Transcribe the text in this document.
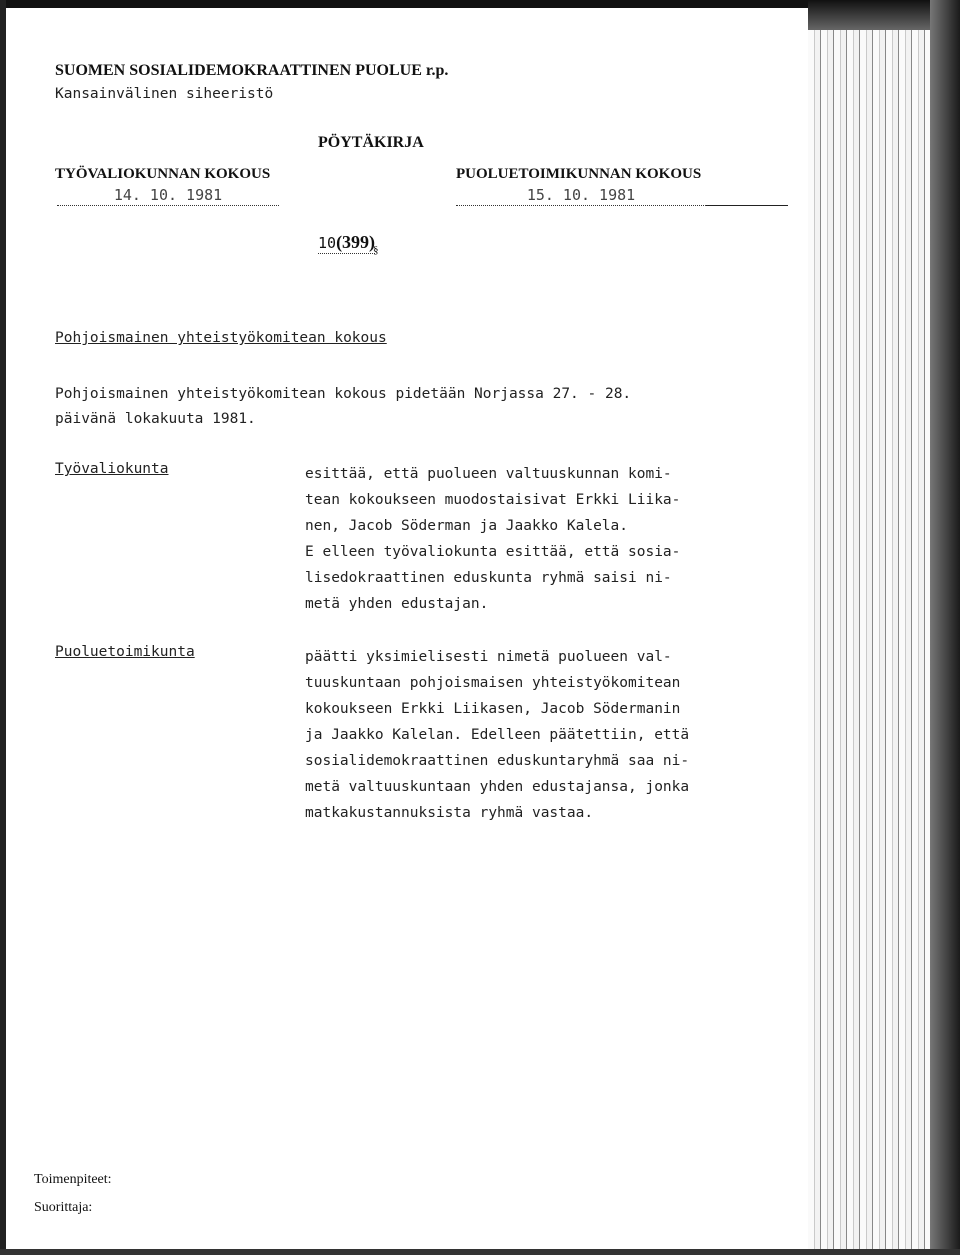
SUOMEN SOSIALIDEMOKRAATTINEN PUOLUE r.p.
Kansainvälinen siheeristö
PÖYTÄKIRJA
TYÖVALIOKUNNAN KOKOUS	PUOLUETOIMIKUNNAN KOKOUS
14. 10. 1981	15. 10. 1981
10(399)
§
Pohjoismainen yhteistyökomitean kokous
Pohjoismainen yhteistyökomitean kokous pidetään Norjassa 27. - 28.
päivänä lokakuuta 1981.
Työvaliokunta	esittää, että puolueen valtuuskunnan komi-
tean kokoukseen muodostaisivat Erkki Liika-
nen, Jacob Söderman ja Jaakko Kalela.
E elleen työvaliokunta esittää, että sosia-
lisedokraattinen eduskunta ryhmä saisi ni-
metä yhden edustajan.
Puoluetoimikunta	päätti yksimielisesti nimetä puolueen val-
tuuskuntaan pohjoismaisen yhteistyökomitean
kokoukseen Erkki Liikasen, Jacob Södermanin
ja Jaakko Kalelan. Edelleen päätettiin, että
sosialidemokraattinen eduskuntaryhmä saa ni-
metä valtuuskuntaan yhden edustajansa, jonka
matkakustannuksista ryhmä vastaa.
Toimenpiteet:
Suorittaja:
